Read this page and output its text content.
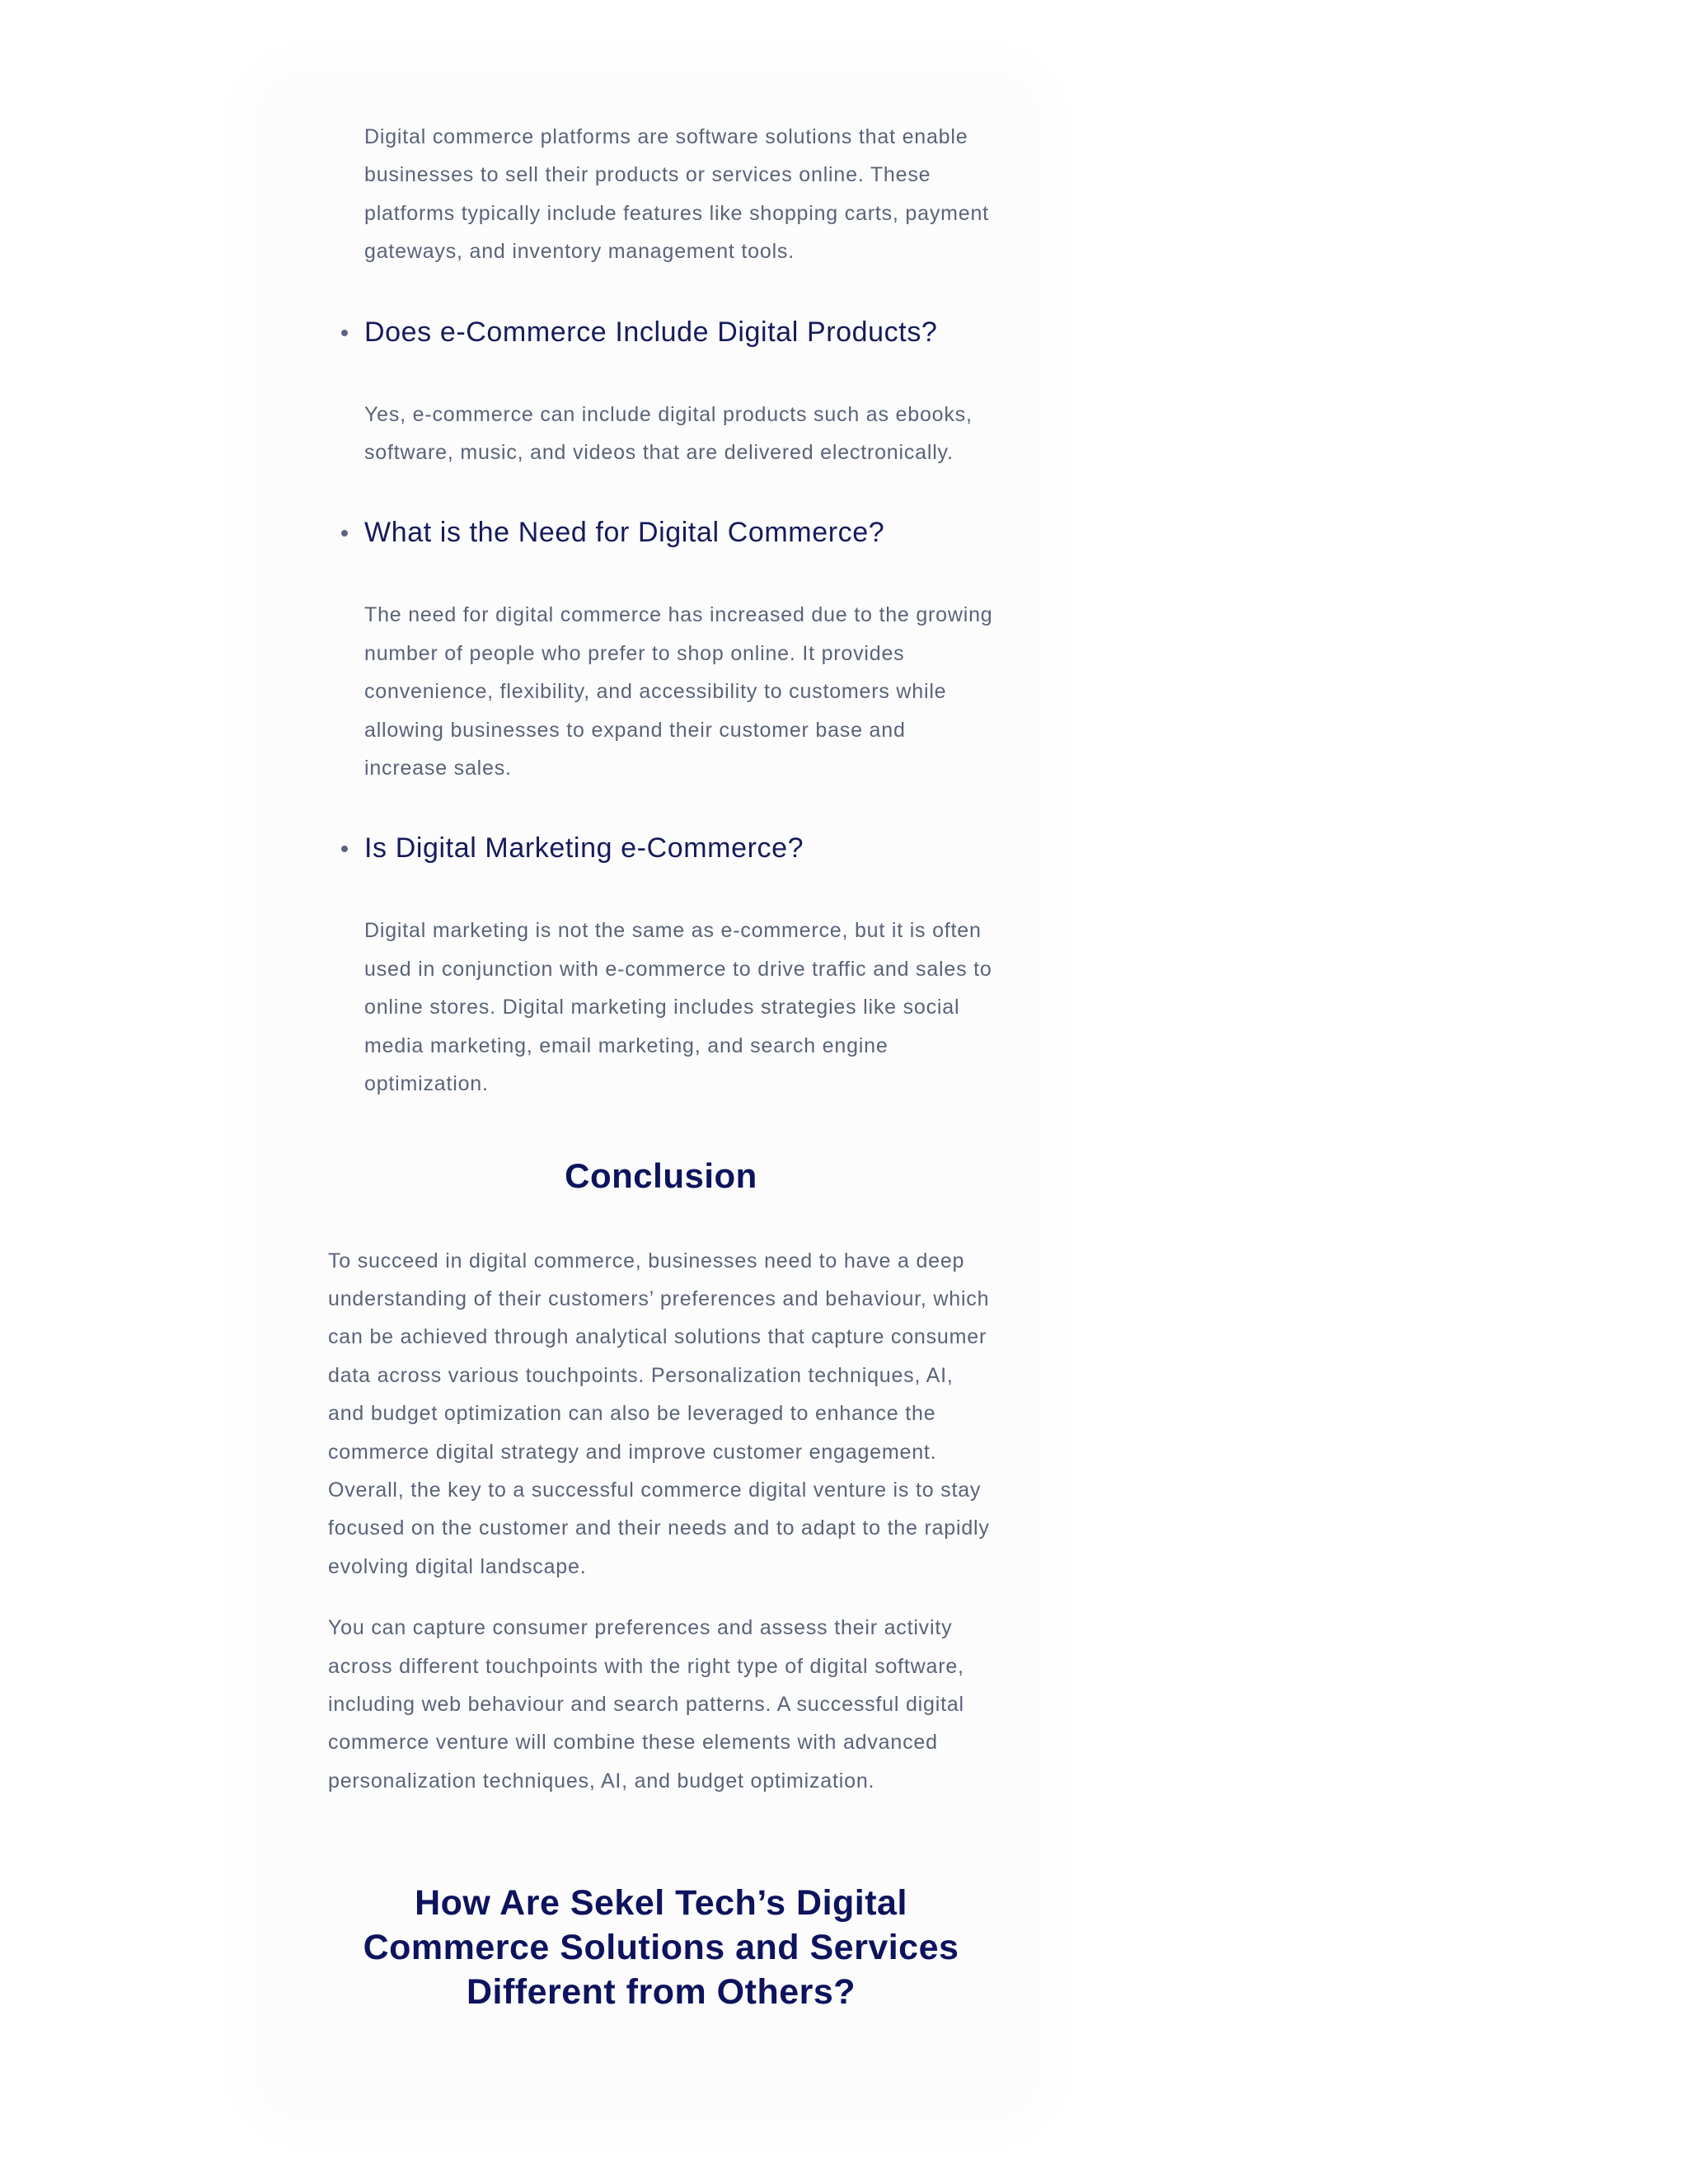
Digital commerce platforms are software solutions that enable businesses to sell their products or services online. These platforms typically include features like shopping carts, payment gateways, and inventory management tools.

Does e-Commerce Include Digital Products?

Yes, e-commerce can include digital products such as ebooks, software, music, and videos that are delivered electronically.

What is the Need for Digital Commerce?

The need for digital commerce has increased due to the growing number of people who prefer to shop online. It provides convenience, flexibility, and accessibility to customers while allowing businesses to expand their customer base and increase sales.

Is Digital Marketing e-Commerce?

Digital marketing is not the same as e-commerce, but it is often used in conjunction with e-commerce to drive traffic and sales to online stores. Digital marketing includes strategies like social media marketing, email marketing, and search engine optimization.

Conclusion

To succeed in digital commerce, businesses need to have a deep understanding of their customers’ preferences and behaviour, which can be achieved through analytical solutions that capture consumer data across various touchpoints. Personalization techniques, AI, and budget optimization can also be leveraged to enhance the commerce digital strategy and improve customer engagement. Overall, the key to a successful commerce digital venture is to stay focused on the customer and their needs and to adapt to the rapidly evolving digital landscape.

You can capture consumer preferences and assess their activity across different touchpoints with the right type of digital software, including web behaviour and search patterns. A successful digital commerce venture will combine these elements with advanced personalization techniques, AI, and budget optimization.

How Are Sekel Tech’s Digital Commerce Solutions and Services Different from Others?
